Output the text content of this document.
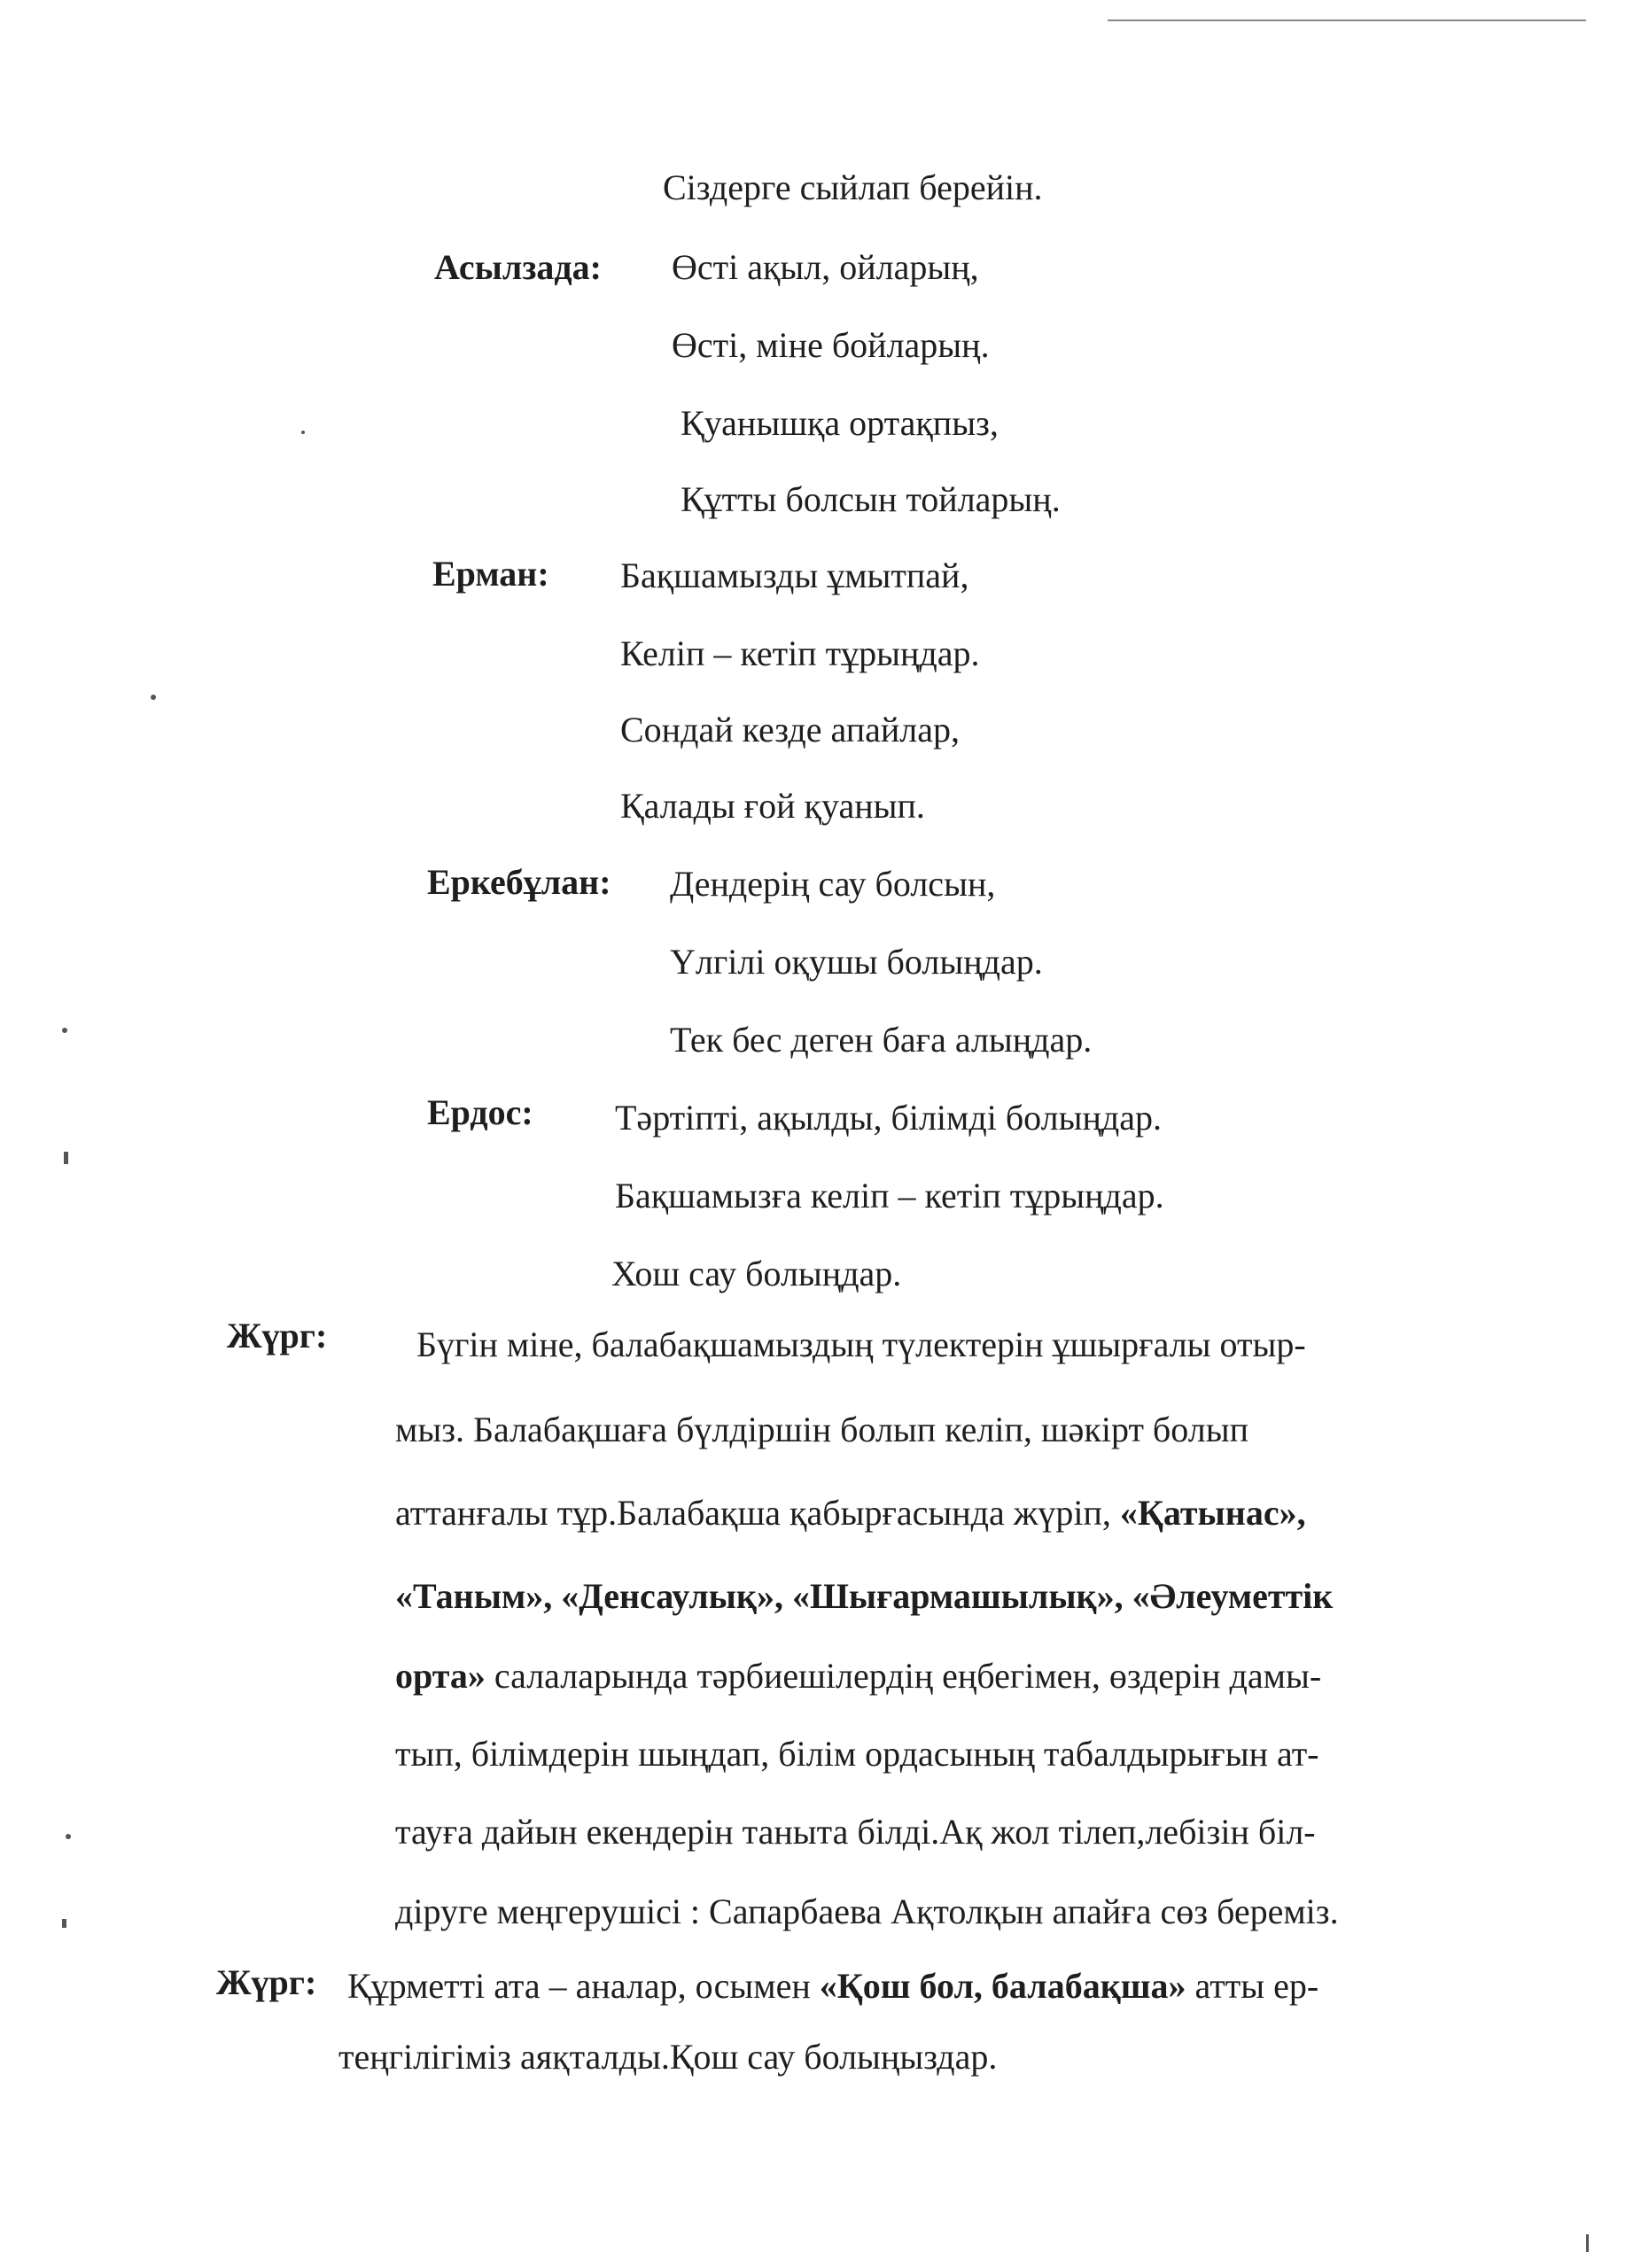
Сіздерге сыйлап берейін.
Асылзада: Өсті ақыл, ойларың,
Өсті, міне бойларың.
Қуанышқа ортақпыз,
Құтты болсын тойларың.
Ерман: Бақшамызды ұмытпай,
Келіп – кетіп тұрыңдар.
Сондай кезде апайлар,
Қалады ғой қуанып.
Еркебұлан: Дендерің сау болсын,
Үлгілі оқушы болыңдар.
Тек бес деген баға алыңдар.
Ердос: Тәртіпті, ақылды, білімді болыңдар.
Бақшамызға келіп – кетіп тұрыңдар.
Хош сау болыңдар.
Жүрг:	Бүгін міне, балабақшамыздың түлектерін ұшырғалы отыр-
мыз. Балабақшаға бүлдіршін болып келіп, шәкірт болып
аттанғалы тұр.Балабақша қабырғасында жүріп, «Қатынас»,
«Таным», «Денсаулық», «Шығармашылық», «Әлеуметтік
орта» салаларында тәрбиешілердің еңбегімен, өздерін дамы-
тып, білімдерін шыңдап, білім ордасының табалдырығын ат-
тауға дайын екендерін таныта білді.Ақ жол тілеп,лебізін біл-
діруге меңгерушісі : Сапарбаева Ақтолқын апайға сөз береміз.
Жүрг: Құрметті ата – аналар, осымен «Қош бол, балабақша» атты ер-
теңгілігіміз аяқталды.Қош сау болыңыздар.
